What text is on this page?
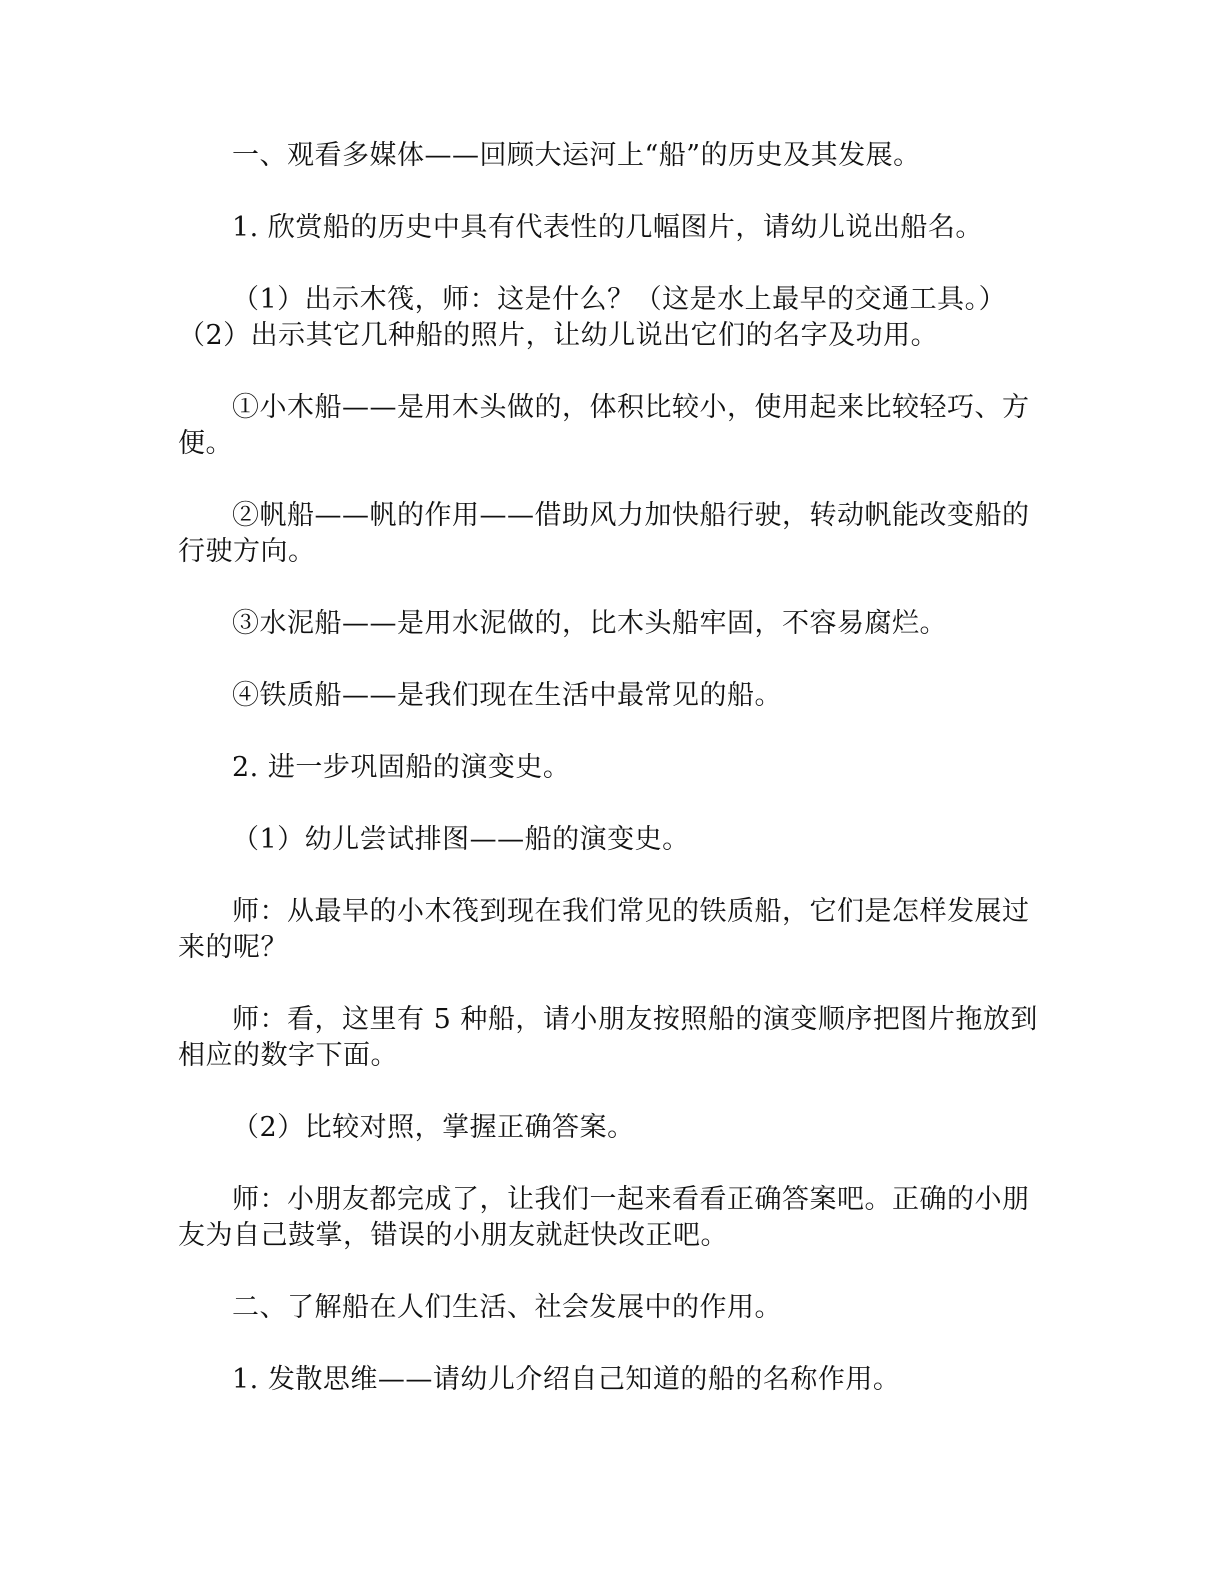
一、观看多媒体——回顾大运河上“船”的历史及其发展。

1. 欣赏船的历史中具有代表性的几幅图片，请幼儿说出船名。

（1）出示木筏，师：这是什么？（这是水上最早的交通工具。）（2）出示其它几种船的照片，让幼儿说出它们的名字及功用。

①小木船——是用木头做的，体积比较小，使用起来比较轻巧、方便。

②帆船——帆的作用——借助风力加快船行驶，转动帆能改变船的行驶方向。

③水泥船——是用水泥做的，比木头船牢固，不容易腐烂。

④铁质船——是我们现在生活中最常见的船。

2. 进一步巩固船的演变史。

（1）幼儿尝试排图——船的演变史。

师：从最早的小木筏到现在我们常见的铁质船，它们是怎样发展过来的呢？

师：看，这里有 5 种船，请小朋友按照船的演变顺序把图片拖放到相应的数字下面。

（2）比较对照，掌握正确答案。

师：小朋友都完成了，让我们一起来看看正确答案吧。正确的小朋友为自己鼓掌，错误的小朋友就赶快改正吧。

二、了解船在人们生活、社会发展中的作用。

1. 发散思维——请幼儿介绍自己知道的船的名称作用。
